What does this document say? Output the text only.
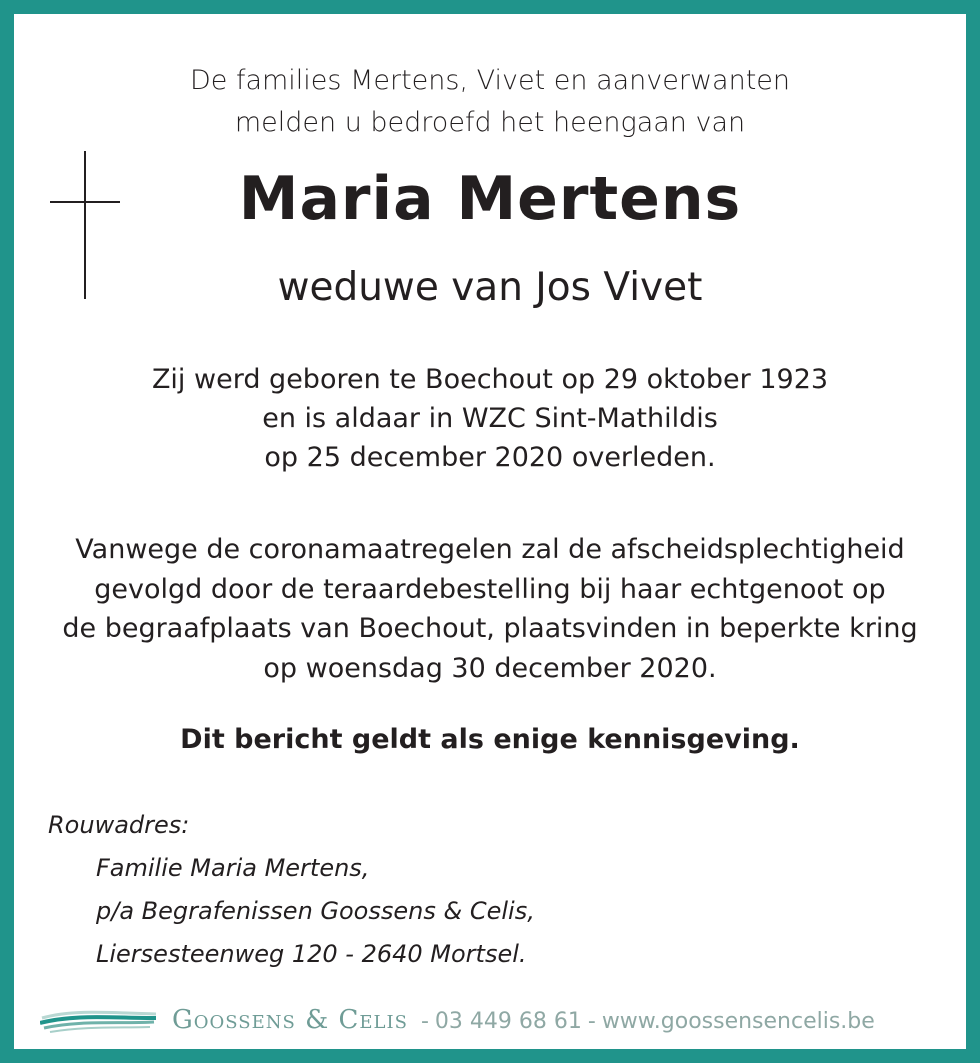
De families Mertens, Vivet en aanverwanten
melden u bedroefd het heengaan van
Maria Mertens
weduwe van Jos Vivet
Zij werd geboren te Boechout op 29 oktober 1923
en is aldaar in WZC Sint-Mathildis
op 25 december 2020 overleden.
Vanwege de coronamaatregelen zal de afscheidsplechtigheid
gevolgd door de teraardebestelling bij haar echtgenoot op
de begraafplaats van Boechout, plaatsvinden in beperkte kring
op woensdag 30 december 2020.
Dit bericht geldt als enige kennisgeving.
Rouwadres:
Familie Maria Mertens,
p/a Begrafenissen Goossens & Celis,
Liersesteenweg 120 - 2640 Mortsel.
Goossens & Celis - 03 449 68 61 - www.goossensencelis.be
